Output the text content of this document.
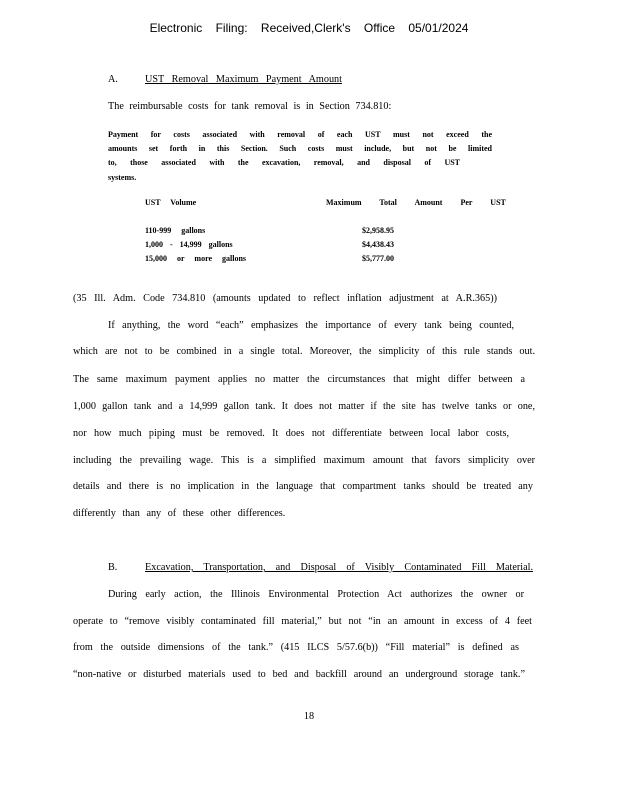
Electronic Filing: Received,Clerk's Office 05/01/2024
A.	UST Removal Maximum Payment Amount
The reimbursable costs for tank removal is in Section 734.810:
Payment for costs associated with removal of each UST must not exceed the
amounts set forth in this Section. Such costs must include, but not be limited
to, those associated with the excavation, removal, and disposal of UST
systems.
UST Volume	Maximum Total Amount Per UST
110-999 gallons	$2,958.95
1,000 - 14,999 gallons	$4,438.43
15,000 or more gallons	$5,777.00
(35 Ill. Adm. Code 734.810 (amounts updated to reflect inflation adjustment at A.R.365))
If anything, the word “each” emphasizes the importance of every tank being counted,
which are not to be combined in a single total. Moreover, the simplicity of this rule stands out.
The same maximum payment applies no matter the circumstances that might differ between a
1,000 gallon tank and a 14,999 gallon tank. It does not matter if the site has twelve tanks or one,
nor how much piping must be removed. It does not differentiate between local labor costs,
including the prevailing wage. This is a simplified maximum amount that favors simplicity over
details and there is no implication in the language that compartment tanks should be treated any
differently than any of these other differences.
B.	Excavation, Transportation, and Disposal of Visibly Contaminated Fill Material.
During early action, the Illinois Environmental Protection Act authorizes the owner or
operate to “remove visibly contaminated fill material,” but not “in an amount in excess of 4 feet
from the outside dimensions of the tank.” (415 ILCS 5/57.6(b)) “Fill material” is defined as
“non-native or disturbed materials used to bed and backfill around an underground storage tank.”
18
